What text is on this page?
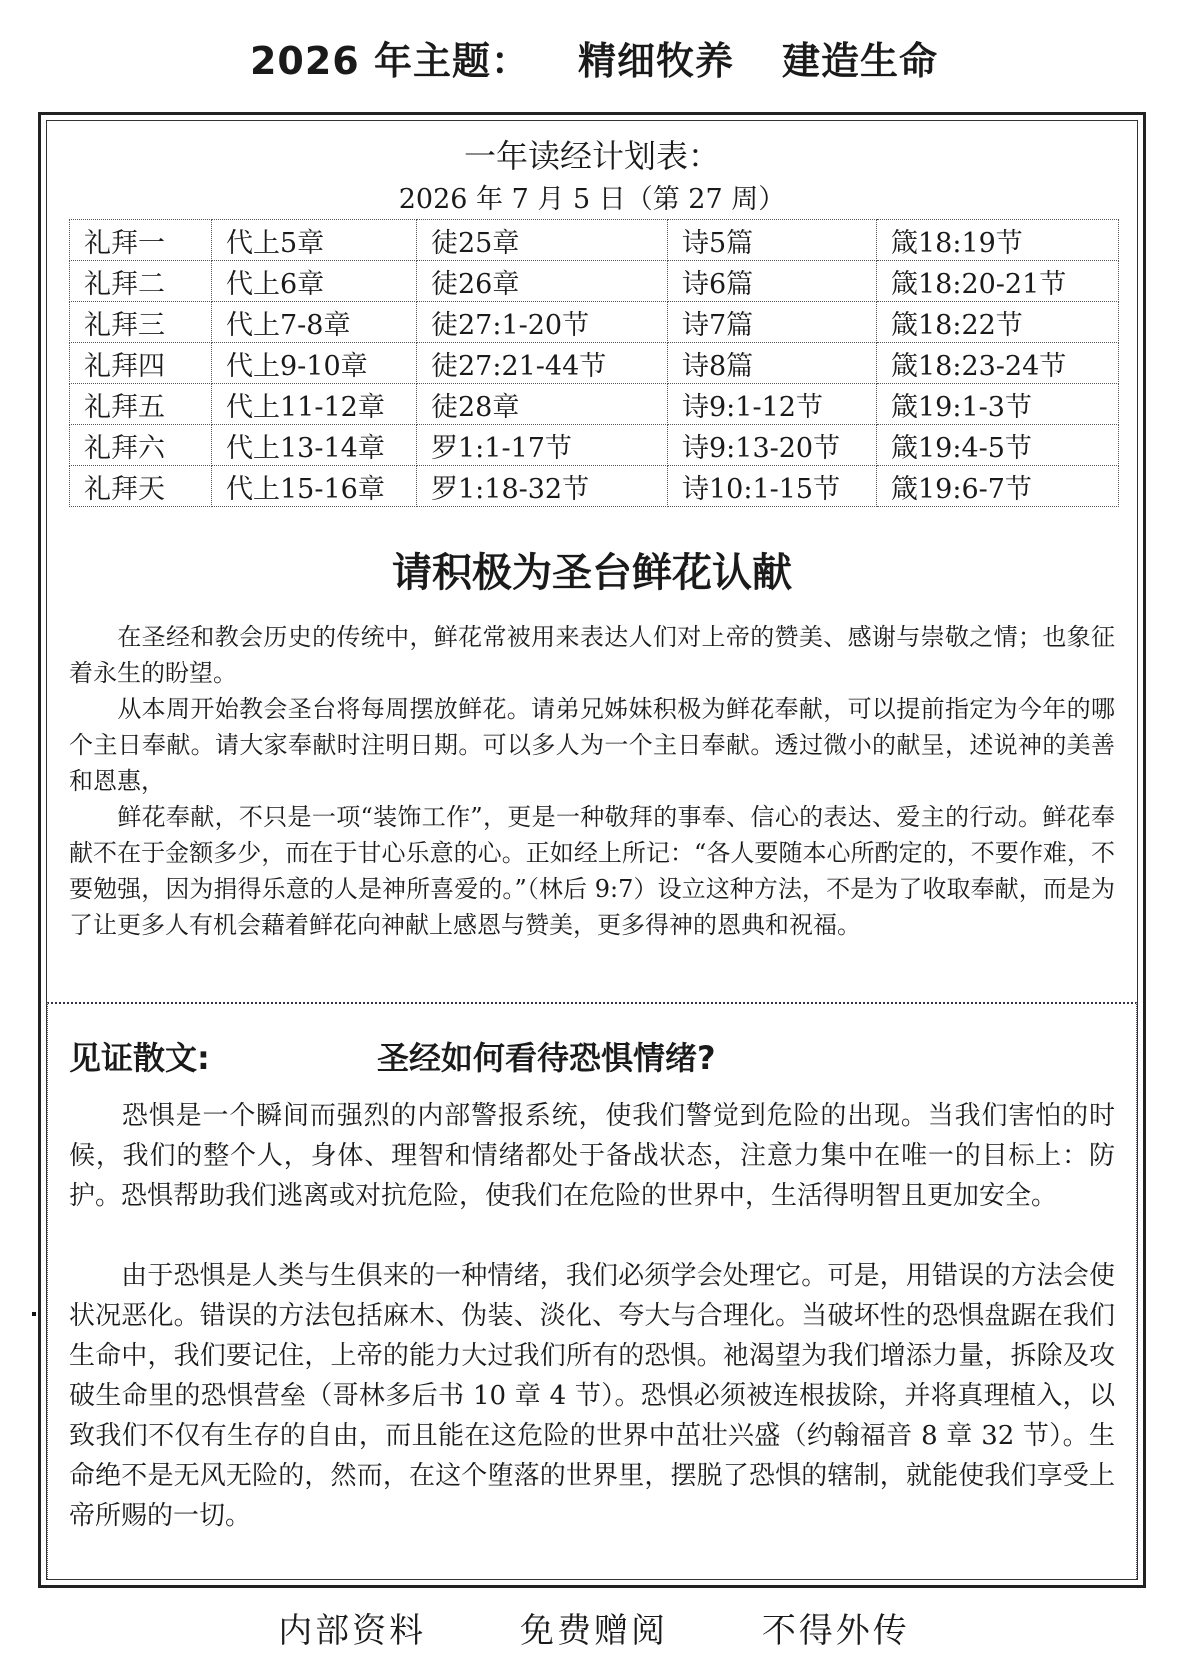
2026 年主题： 精细牧养 建造生命
一年读经计划表：
2026 年 7 月 5 日（第 27 周）
礼拜一	代上5章	徒25章	诗5篇	箴18:19节
礼拜二	代上6章	徒26章	诗6篇	箴18:20-21节
礼拜三	代上7-8章	徒27:1-20节	诗7篇	箴18:22节
礼拜四	代上9-10章	徒27:21-44节	诗8篇	箴18:23-24节
礼拜五	代上11-12章	徒28章	诗9:1-12节	箴19:1-3节
礼拜六	代上13-14章	罗1:1-17节	诗9:13-20节	箴19:4-5节
礼拜天	代上15-16章	罗1:18-32节	诗10:1-15节	箴19:6-7节
请积极为圣台鲜花认献

在圣经和教会历史的传统中，鲜花常被用来表达人们对上帝的赞美、感谢与崇敬之情；也象征着永生的盼望。

从本周开始教会圣台将每周摆放鲜花。请弟兄姊妹积极为鲜花奉献，可以提前指定为今年的哪个主日奉献。请大家奉献时注明日期。可以多人为一个主日奉献。透过微小的献呈，述说神的美善和恩惠，

鲜花奉献，不只是一项“装饰工作”，更是一种敬拜的事奉、信心的表达、爱主的行动。鲜花奉献不在于金额多少，而在于甘心乐意的心。正如经上所记：“各人要随本心所酌定的，不要作难，不要勉强，因为捐得乐意的人是神所喜爱的。”（林后 9:7）设立这种方法，不是为了收取奉献，而是为了让更多人有机会藉着鲜花向神献上感恩与赞美，更多得神的恩典和祝福。

见证散文:	圣经如何看待恐惧情绪?

恐惧是一个瞬间而强烈的内部警报系统，使我们警觉到危险的出现。当我们害怕的时候，我们的整个人，身体、理智和情绪都处于备战状态，注意力集中在唯一的目标上：防护。恐惧帮助我们逃离或对抗危险，使我们在危险的世界中，生活得明智且更加安全。

由于恐惧是人类与生俱来的一种情绪，我们必须学会处理它。可是，用错误的方法会使状况恶化。错误的方法包括麻木、伪装、淡化、夸大与合理化。当破坏性的恐惧盘踞在我们生命中，我们要记住，上帝的能力大过我们所有的恐惧。祂渴望为我们增添力量，拆除及攻破生命里的恐惧营垒（哥林多后书 10 章 4 节）。恐惧必须被连根拔除，并将真理植入，以致我们不仅有生存的自由，而且能在这危险的世界中茁壮兴盛（约翰福音 8 章 32 节）。生命绝不是无风无险的，然而，在这个堕落的世界里，摆脱了恐惧的辖制，就能使我们享受上帝所赐的一切。

内部资料	免费赠阅	不得外传
